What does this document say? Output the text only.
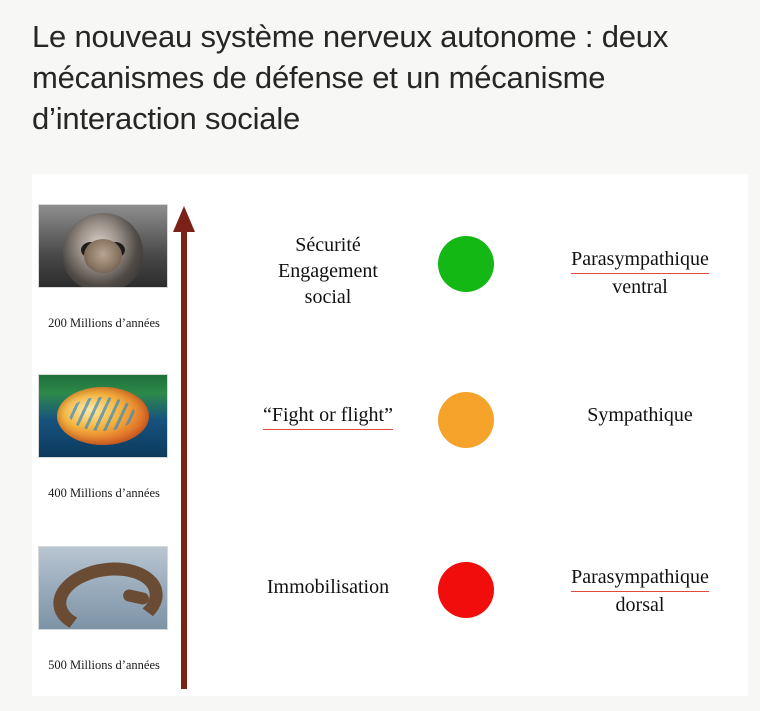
Le nouveau système nerveux autonome : deux mécanismes de défense et un mécanisme d’interaction sociale
200 Millions d’années
Sécurité
Engagement
social
Parasympathique
ventral
400 Millions d’années
“Fight or flight”	Sympathique
500 Millions d’années
Immobilisation	Parasympathique
dorsal
